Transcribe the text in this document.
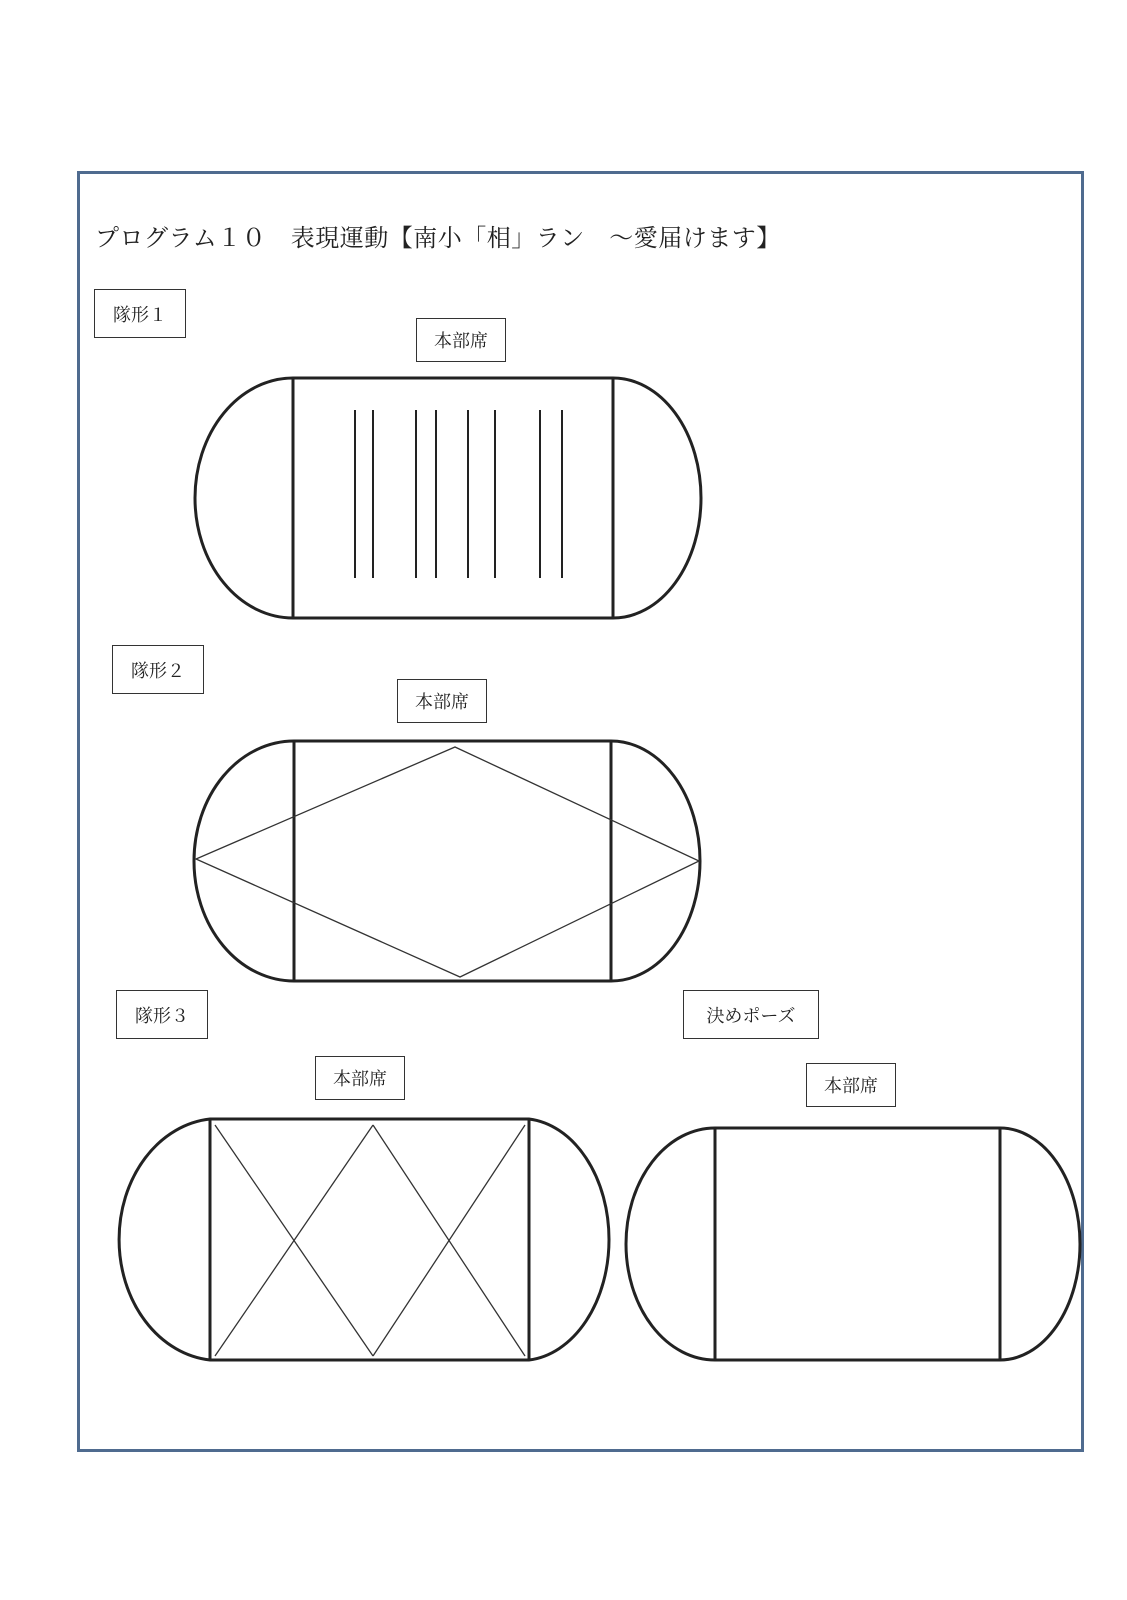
プログラム１０　表現運動【南小「相」ラン　～愛届けます】
隊形１
本部席
隊形２
本部席
隊形３
本部席
決めポーズ
本部席
